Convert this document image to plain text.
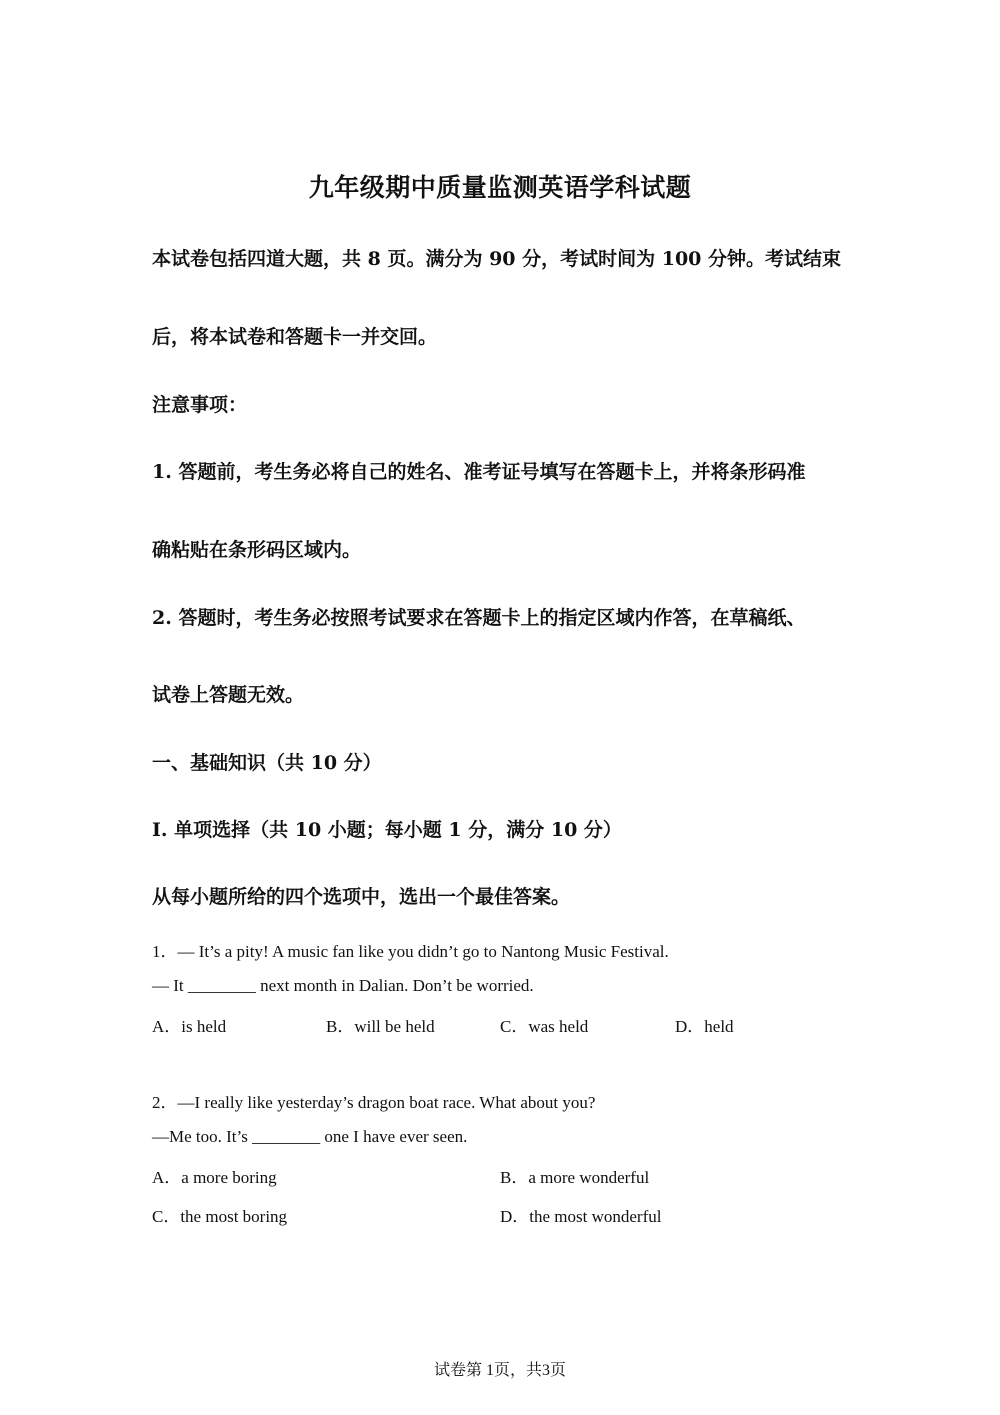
九年级期中质量监测英语学科试题
本试卷包括四道大题，共 8 页。满分为 90 分，考试时间为 100 分钟。考试结束
后，将本试卷和答题卡一并交回。
注意事项：
1. 答题前，考生务必将自己的姓名、准考证号填写在答题卡上，并将条形码准
确粘贴在条形码区域内。
2. 答题时，考生务必按照考试要求在答题卡上的指定区域内作答，在草稿纸、
试卷上答题无效。
一、基础知识（共 10 分）
I. 单项选择（共 10 小题；每小题 1 分，满分 10 分）
从每小题所给的四个选项中，选出一个最佳答案。
1．— It’s a pity! A music fan like you didn’t go to Nantong Music Festival.
— It ________ next month in Dalian. Don’t be worried.
A．is held	B．will be held	C．was held	D．held
2．—I really like yesterday’s dragon boat race. What about you?
—Me too. It’s ________ one I have ever seen.
A．a more boring	B．a more wonderful
C．the most boring	D．the most wonderful
试卷第 1页，共3页
